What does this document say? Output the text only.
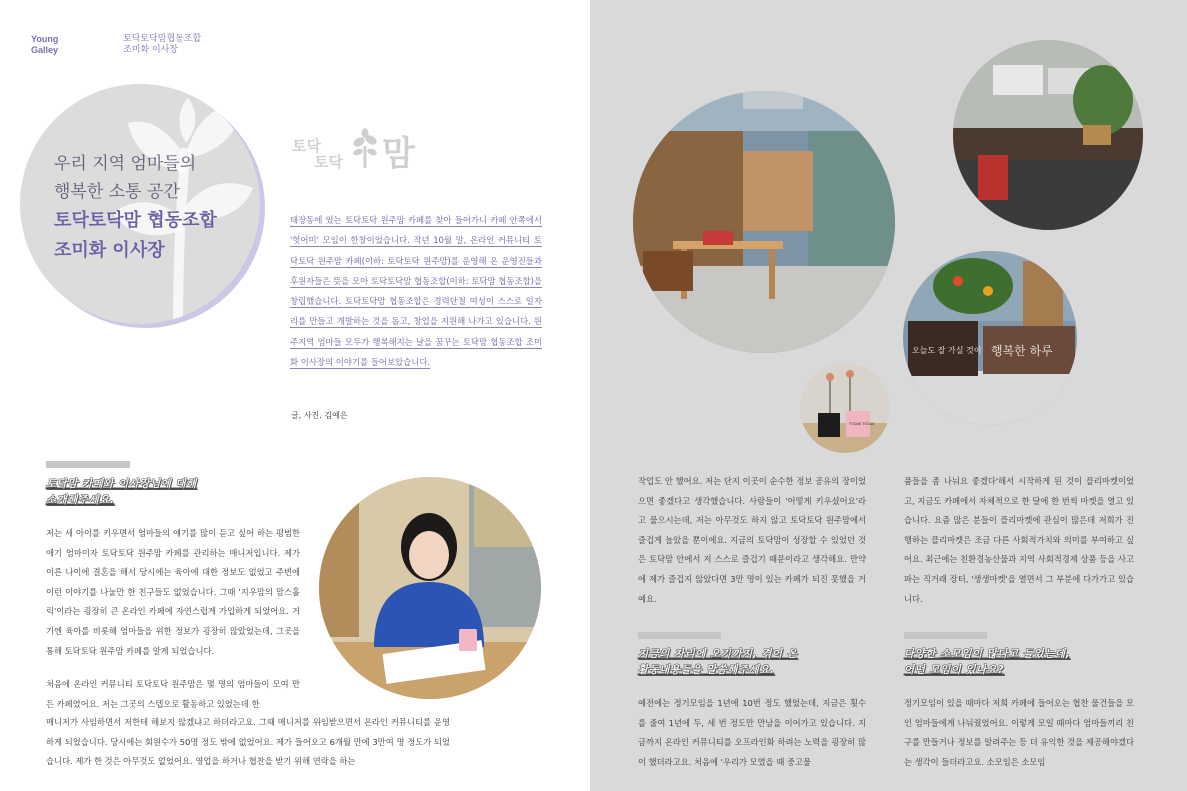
Young
Galley
토닥토닥맘협동조합
조미화 이사장
우리 지역 엄마들의
행복한 소통 공간
토닥토닥맘 협동조합
조미화 이사장
토닥
토닥 맘
태장동에 있는 토닥토닥 원주맘 카페를 찾아 들어가니 카페 안쪽에서 '헛어미' 모임이 한창이었습니다. 작년 10월 말, 온라인 커뮤니티 토닥토닥 원주맘 카페(이하: 토닥토닥 원주맘)를 운영해 온 운영진들과 후원자들은 뜻을 모아 토닥토닥맘 협동조합(이하: 토닥맘 협동조합)을 창립했습니다. 토닥토닥맘 협동조합은 경력단절 여성이 스스로 일자리를 만들고 개발하는 것을 돕고, 창업을 지원해 나가고 있습니다. 원주지역 엄마들 모두가 행복해지는 날을 꿈꾸는 토닥맘 협동조합 조미화 이사장의 이야기를 들어보았습니다.
글, 사진. 김예은
토닥맘 카페와 이사장님에 대해
소개해주세요.
저는 세 아이를 키우면서 엄마들의 얘기를 많이 듣고 싶어 하는 평범한 애기 엄마이자 토닥토닥 원주맘 카페를 관리하는 매니저입니다. 제가 이른 나이에 결혼을 해서 당시에는 육아에 대한 정보도 없었고 주변에 이런 이야기를 나눌만 한 친구들도 없었습니다. 그때 '지우맘의 맘스홀릭'이라는 굉장히 큰 온라인 카페에 자연스럽게 가입하게 되었어요. 거기엔 육아를 비롯해 엄마들을 위한 정보가 굉장히 많았었는데, 그곳을 통해 토닥토닥 원주맘 카페를 알게 되었습니다.
처음에 온라인 커뮤니티 토닥토닥 원주맘은 몇 명의 엄마들이 모여 만든 카페였어요. 저는 그곳의 스텝으로 활동하고 있었는데 한
매니저가 사임하면서 저한테 해보지 않겠냐고 하더라고요. 그때 매니저를 위임받으면서 온라인 커뮤니티를 운영하게 되었습니다. 당시에는 회원수가 50명 정도 밖에 없었어요. 제가 들어오고 6개월 만에 3만여 명 정도가 되었습니다. 제가 한 것은 아무것도 없었어요. 영업을 하거나 협찬을 받기 위해 연락을 하는
오늘도 잘 가실 것이 행복한 하루
TODAK TODAK
작업도 안 했어요. 저는 단지 이곳이 순수한 정보 공유의 장이었으면 좋겠다고 생각했습니다. 사람들이 '어떻게 키우셨어요'라고 물으시는데, 저는 아무것도 하지 않고 토닥토닥 원주맘에서 즐겁게 놀았을 뿐이에요. 지금의 토닥맘이 성장할 수 있었던 것은 토닥맘 안에서 저 스스로 즐겁기 때문이라고 생각해요. 만약에 제가 즐겁지 않았다면 3만 명이 있는 카페가 되진 못했을 거예요.
품들을 좀 나눠요 좋겠다'해서 시작하게 된 것이 플리마켓이었고, 지금도 카페에서 자체적으로 한 달에 한 번씩 마켓을 열고 있습니다. 요즘 많은 분들이 플리마켓에 관심이 많은데 저희가 진행하는 플리마켓은 조금 다른 사회적가치와 의미를 부여하고 싶어요. 최근에는 친환경농산물과 지역 사회적경제 상품 등을 사고 파는 직거래 장터, '생생마켓'을 열면서 그 부분에 다가가고 있습니다.
지금의 자리에 오기까지, 겪어 온
활동내용들을 말씀해주세요.
예전에는 정기모임을 1년에 10번 정도 했었는데, 지금은 횟수를 줄여 1년에 두, 세 번 정도만 만남을 이어가고 있습니다. 지금까지 온라인 커뮤니티를 오프라인화 하려는 노력을 굉장히 많이 했더라고요. 처음에 '우리가 모였을 때 중고물
다양한 소모임이 많다고 들었는데,
어떤 모임이 있나요?
정기모임이 있을 때마다 저희 카페에 들어오는 협찬 물건들을 모인 엄마들에게 나눠줬었어요. 이렇게 모일 때마다 엄마들끼리 친구를 만들거나 정보를 알려주는 등 더 유익한 것을 제공해야겠다는 생각이 들더라고요. 소모임은 소모임
